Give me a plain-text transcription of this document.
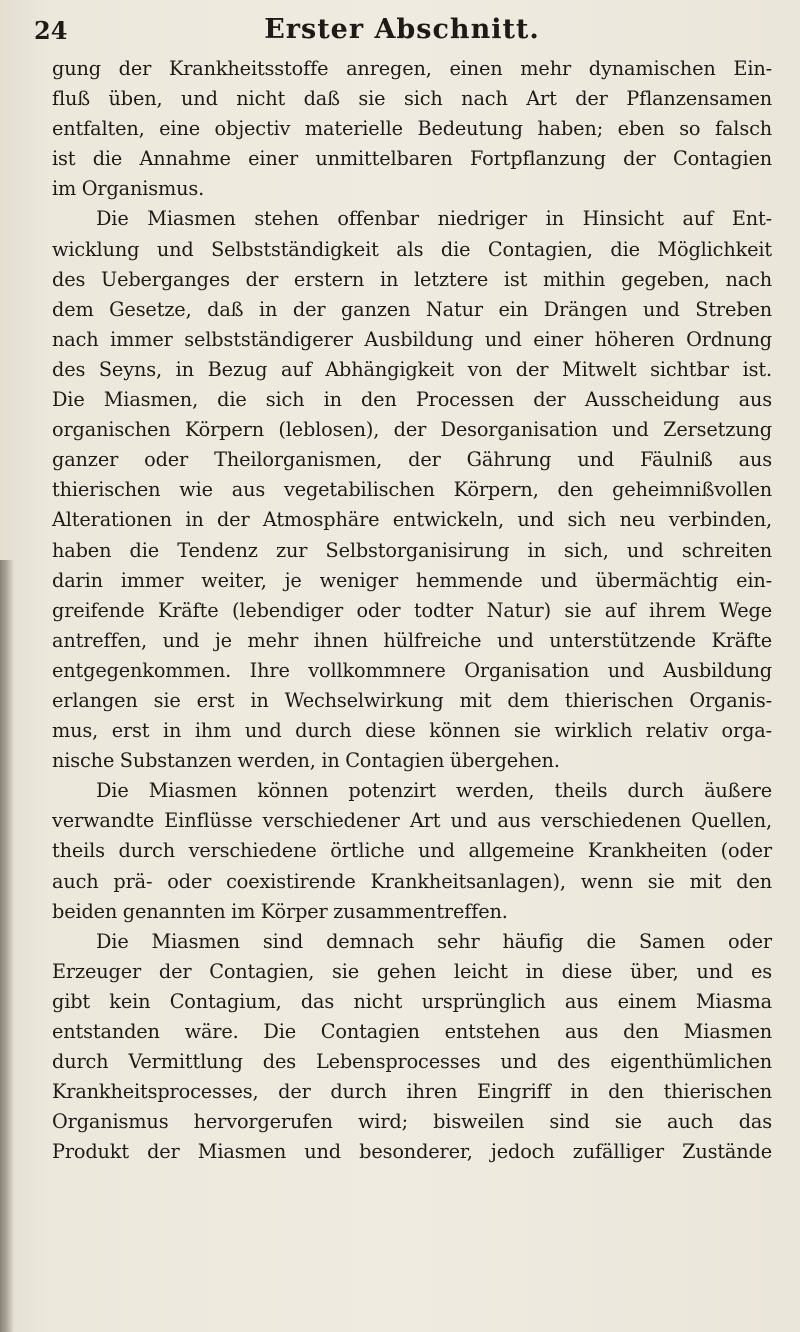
24	Erster Abschnitt.

gung der Krankheitsstoffe anregen, einen mehr dynamischen Ein-

fluß üben, und nicht daß sie sich nach Art der Pflanzensamen

entfalten, eine objectiv materielle Bedeutung haben; eben so falsch

ist die Annahme einer unmittelbaren Fortpflanzung der Contagien

im Organismus.

Die Miasmen stehen offenbar niedriger in Hinsicht auf Ent-

wicklung und Selbstständigkeit als die Contagien, die Möglichkeit

des Ueberganges der erstern in letztere ist mithin gegeben, nach

dem Gesetze, daß in der ganzen Natur ein Drängen und Streben

nach immer selbstständigerer Ausbildung und einer höheren Ordnung

des Seyns, in Bezug auf Abhängigkeit von der Mitwelt sichtbar ist.

Die Miasmen, die sich in den Processen der Ausscheidung aus

organischen Körpern (leblosen), der Desorganisation und Zersetzung

ganzer oder Theilorganismen, der Gährung und Fäulniß aus

thierischen wie aus vegetabilischen Körpern, den geheimnißvollen

Alterationen in der Atmosphäre entwickeln, und sich neu verbinden,

haben die Tendenz zur Selbstorganisirung in sich, und schreiten

darin immer weiter, je weniger hemmende und übermächtig ein-

greifende Kräfte (lebendiger oder todter Natur) sie auf ihrem Wege

antreffen, und je mehr ihnen hülfreiche und unterstützende Kräfte

entgegenkommen. Ihre vollkommnere Organisation und Ausbildung

erlangen sie erst in Wechselwirkung mit dem thierischen Organis-

mus, erst in ihm und durch diese können sie wirklich relativ orga-

nische Substanzen werden, in Contagien übergehen.

Die Miasmen können potenzirt werden, theils durch äußere

verwandte Einflüsse verschiedener Art und aus verschiedenen Quellen,

theils durch verschiedene örtliche und allgemeine Krankheiten (oder

auch prä- oder coexistirende Krankheitsanlagen), wenn sie mit den

beiden genannten im Körper zusammentreffen.

Die Miasmen sind demnach sehr häufig die Samen oder

Erzeuger der Contagien, sie gehen leicht in diese über, und es

gibt kein Contagium, das nicht ursprünglich aus einem Miasma

entstanden wäre. Die Contagien entstehen aus den Miasmen

durch Vermittlung des Lebensprocesses und des eigenthümlichen

Krankheitsprocesses, der durch ihren Eingriff in den thierischen

Organismus hervorgerufen wird; bisweilen sind sie auch das

Produkt der Miasmen und besonderer, jedoch zufälliger Zustände
